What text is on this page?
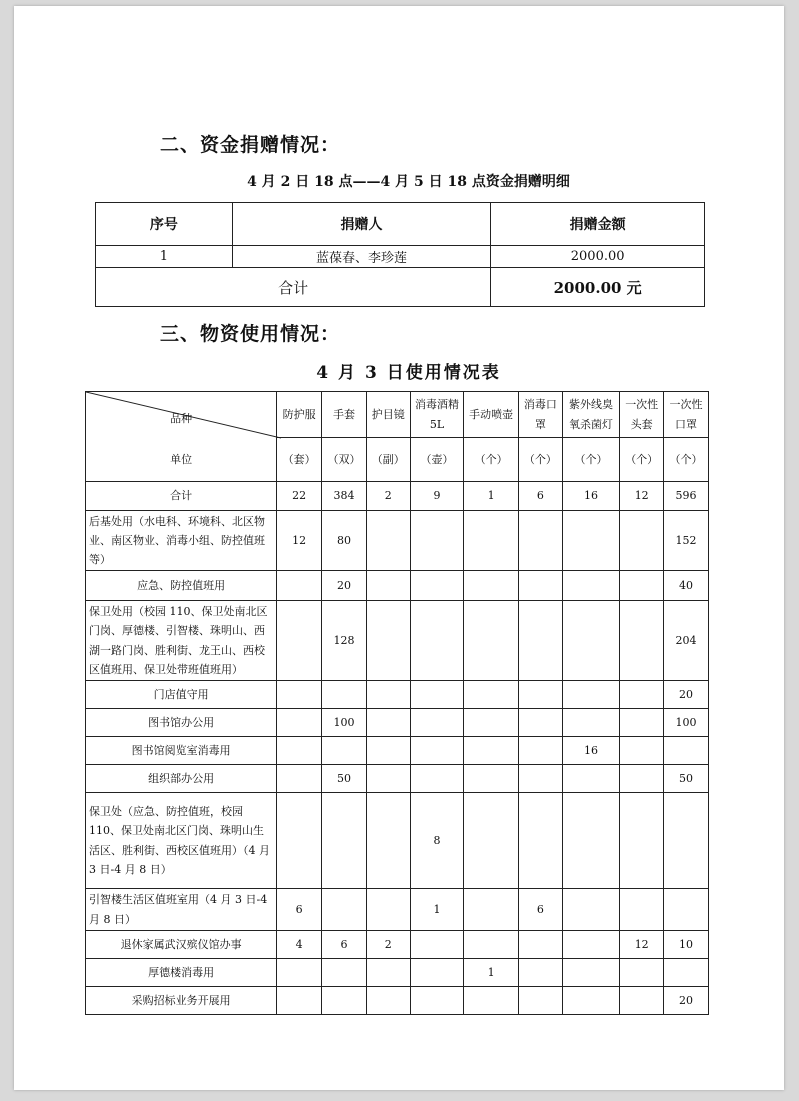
二、资金捐赠情况：
4 月 2 日 18 点——4 月 5 日 18 点资金捐赠明细
序号	捐赠人	捐赠金额
1	蓝葆春、李珍莲	2000.00
合计		2000.00 元
三、物资使用情况：
4 月 3 日使用情况表
品种
单位	防护服	手套	护目镜	消毒酒精5L	手动喷壶	消毒口罩	紫外线臭氧杀菌灯	一次性头套	一次性口罩
	（套）	（双）	（副）	（壶）	（个）	（个）	（个）	（个）	（个）
合计	22	384	2	9	1	6	16	12	596
后基处用（水电科、环境科、北区物业、南区物业、消毒小组、防控值班等）	12	80							152
应急、防控值班用		20							40
保卫处用（校园 110、保卫处南北区门岗、厚德楼、引智楼、珠明山、西湖一路门岗、胜利街、龙王山、西校区值班用、保卫处带班值班用）		128							204
门店值守用									20
图书馆办公用		100							100
图书馆阅览室消毒用							16		
组织部办公用		50							50
保卫处（应急、防控值班，校园 110、保卫处南北区门岗、珠明山生活区、胜利街、西校区值班用）（4 月 3 日-4 月 8 日）				8					
引智楼生活区值班室用（4 月 3 日-4 月 8 日）	6			1		6			
退休家属武汉殡仪馆办事	4	6	2					12	10
厚德楼消毒用					1				
采购招标业务开展用									20
